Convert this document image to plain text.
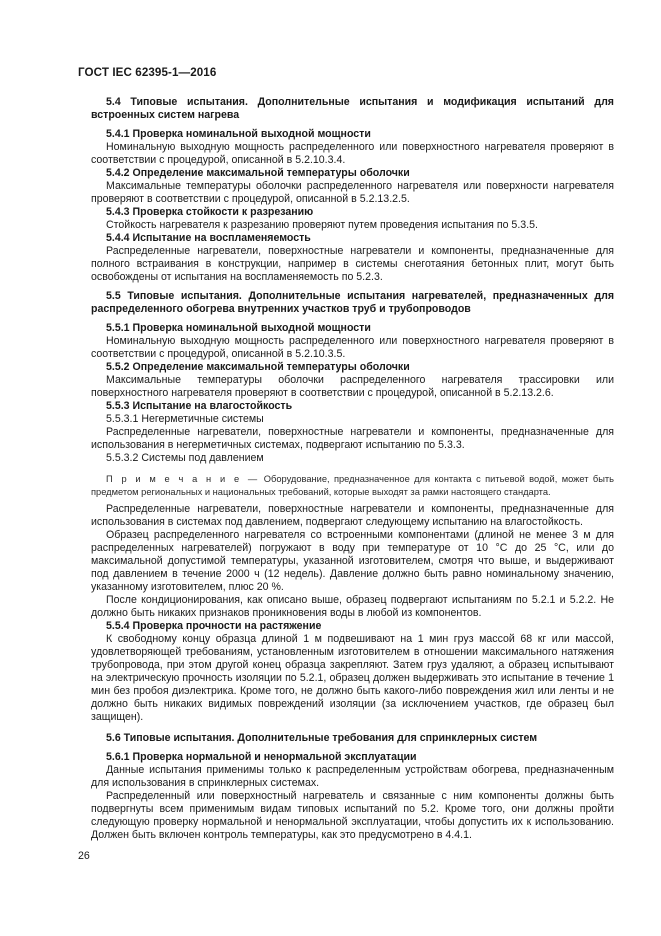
ГОСТ IEC 62395-1—2016

5.4 Типовые испытания. Дополнительные испытания и модификация испытаний для встроенных систем нагрева

5.4.1 Проверка номинальной выходной мощности

Номинальную выходную мощность распределенного или поверхностного нагревателя проверяют в соответствии с процедурой, описанной в 5.2.10.3.4.

5.4.2 Определение максимальной температуры оболочки

Максимальные температуры оболочки распределенного нагревателя или поверхности нагревателя проверяют в соответствии с процедурой, описанной в 5.2.13.2.5.

5.4.3 Проверка стойкости к разрезанию

Стойкость нагревателя к разрезанию проверяют путем проведения испытания по 5.3.5.

5.4.4 Испытание на воспламеняемость

Распределенные нагреватели, поверхностные нагреватели и компоненты, предназначенные для полного встраивания в конструкции, например в системы снеготаяния бетонных плит, могут быть освобождены от испытания на воспламеняемость по 5.2.3.

5.5 Типовые испытания. Дополнительные испытания нагревателей, предназначенных для распределенного обогрева внутренних участков труб и трубопроводов

5.5.1 Проверка номинальной выходной мощности

Номинальную выходную мощность распределенного или поверхностного нагревателя проверяют в соответствии с процедурой, описанной в 5.2.10.3.5.

5.5.2 Определение максимальной температуры оболочки

Максимальные температуры оболочки распределенного нагревателя трассировки или поверхностного нагревателя проверяют в соответствии с процедурой, описанной в 5.2.13.2.6.

5.5.3 Испытание на влагостойкость

5.5.3.1 Негерметичные системы

Распределенные нагреватели, поверхностные нагреватели и компоненты, предназначенные для использования в негерметичных системах, подвергают испытанию по 5.3.3.

5.5.3.2 Системы под давлением

П р и м е ч а н и е — Оборудование, предназначенное для контакта с питьевой водой, может быть предметом региональных и национальных требований, которые выходят за рамки настоящего стандарта.

Распределенные нагреватели, поверхностные нагреватели и компоненты, предназначенные для использования в системах под давлением, подвергают следующему испытанию на влагостойкость.

Образец распределенного нагревателя со встроенными компонентами (длиной не менее 3 м для распределенных нагревателей) погружают в воду при температуре от 10 °С до 25 °С, или до максимальной допустимой температуры, указанной изготовителем, смотря что выше, и выдерживают под давлением в течение 2000 ч (12 недель). Давление должно быть равно номинальному значению, указанному изготовителем, плюс 20 %.

После кондиционирования, как описано выше, образец подвергают испытаниям по 5.2.1 и 5.2.2. Не должно быть никаких признаков проникновения воды в любой из компонентов.

5.5.4 Проверка прочности на растяжение

К свободному концу образца длиной 1 м подвешивают на 1 мин груз массой 68 кг или массой, удовлетворяющей требованиям, установленным изготовителем в отношении максимального натяжения трубопровода, при этом другой конец образца закрепляют. Затем груз удаляют, а образец испытывают на электрическую прочность изоляции по 5.2.1, образец должен выдерживать это испытание в течение 1 мин без пробоя диэлектрика. Кроме того, не должно быть какого-либо повреждения жил или ленты и не должно быть никаких видимых повреждений изоляции (за исключением участков, где образец был защищен).

5.6 Типовые испытания. Дополнительные требования для спринклерных систем

5.6.1 Проверка нормальной и ненормальной эксплуатации

Данные испытания применимы только к распределенным устройствам обогрева, предназначенным для использования в спринклерных системах.

Распределенный или поверхностный нагреватель и связанные с ним компоненты должны быть подвергнуты всем применимым видам типовых испытаний по 5.2. Кроме того, они должны пройти следующую проверку нормальной и ненормальной эксплуатации, чтобы допустить их к использованию. Должен быть включен контроль температуры, как это предусмотрено в 4.4.1.

26
